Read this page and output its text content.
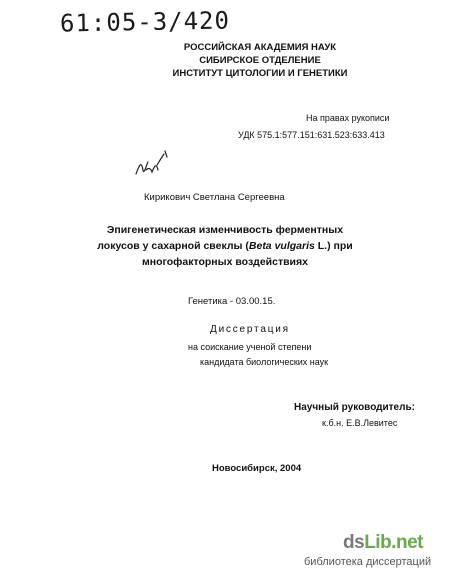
61:05-3/420
РОССИЙСКАЯ АКАДЕМИЯ НАУК
СИБИРСКОЕ ОТДЕЛЕНИЕ
ИНСТИТУТ ЦИТОЛОГИИ И ГЕНЕТИКИ
На правах рукописи
УДК 575.1:577.151:631.523:633.413
Кирикович Светлана Сергеевна
Эпигенетическая изменчивость ферментных
локусов у сахарной свеклы (Beta vulgaris L.) при
многофакторных воздействиях
Генетика - 03.00.15.
Диссертация
на соискание ученой степени
кандидата биологических наук
Научный руководитель:
к.б.н. Е.В.Левитес
Новосибирск, 2004
dsLib.net
библиотека диссертаций
